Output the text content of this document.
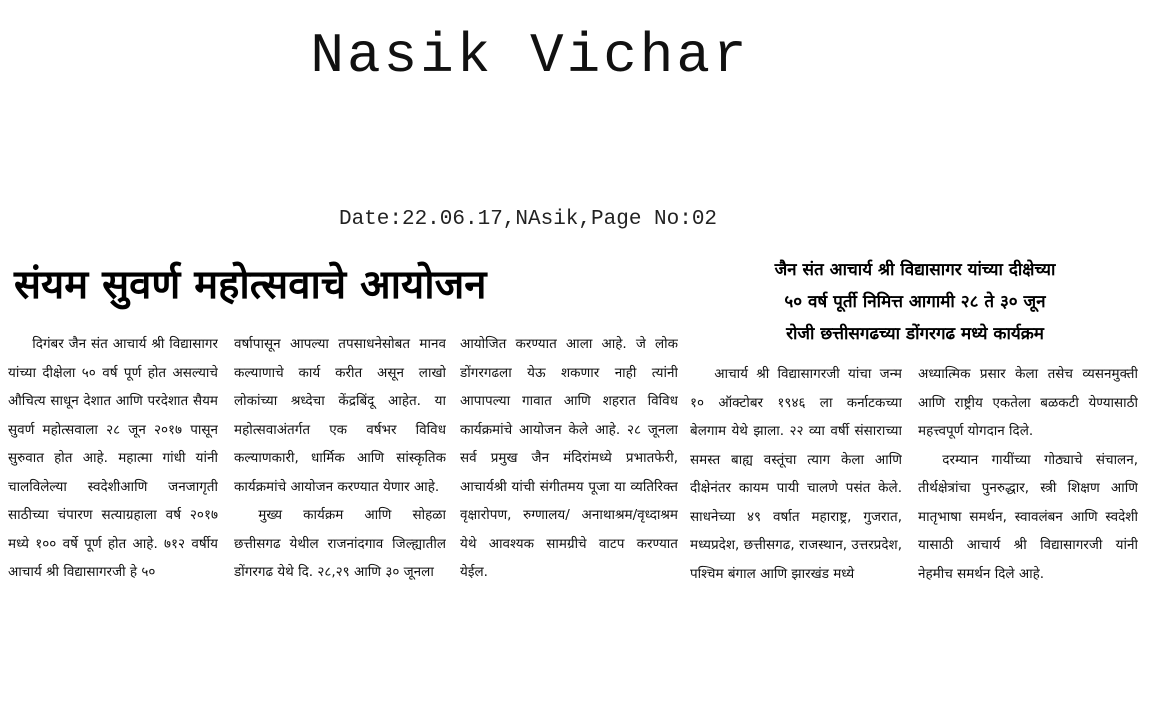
Nasik Vichar
Date:22.06.17,NAsik,Page No:02
संयम सुवर्ण महोत्सवाचे आयोजन	जैन संत आचार्य श्री विद्यासागर यांच्या दीक्षेच्या
५० वर्ष पूर्ती निमित्त आगामी २८ ते ३० जून
रोजी छत्तीसगढच्या डोंगरगढ मध्ये कार्यक्रम

दिगंबर जैन संत आचार्य श्री विद्यासागर यांच्या दीक्षेला ५० वर्ष पूर्ण होत असल्याचे औचित्य साधून देशात आणि परदेशात सैयम सुवर्ण महोत्सवाला २८ जून २०१७ पासून सुरुवात होत आहे. महात्मा गांधी यांनी चालविलेल्या स्वदेशीआणि जनजागृती साठीच्या चंपारण सत्याग्रहाला वर्ष २०१७ मध्ये १०० वर्षे पूर्ण होत आहे. ७१२ वर्षीय आचार्य श्री विद्यासागरजी हे ५०

वर्षापासून आपल्या तपसाधनेसोबत मानव कल्याणाचे कार्य करीत असून लाखो लोकांच्या श्रध्देचा केंद्रबिंदू आहेत. या महोत्सवाअंतर्गत एक वर्षभर विविध कल्याणकारी, धार्मिक आणि सांस्कृतिक कार्यक्रमांचे आयोजन करण्यात येणार आहे.

मुख्य कार्यक्रम आणि सोहळा छत्तीसगढ येथील राजनांदगाव जिल्ह्यातील डोंगरगढ येथे दि. २८,२९ आणि ३० जूनला

आयोजित करण्यात आला आहे. जे लोक डोंगरगढला येऊ शकणार नाही त्यांनी आपापल्या गावात आणि शहरात विविध कार्यक्रमांचे आयोजन केले आहे. २८ जूनला सर्व प्रमुख जैन मंदिरांमध्ये प्रभातफेरी, आचार्यश्री यांची संगीतमय पूजा या व्यतिरिक्त वृक्षारोपण, रुग्णालय/ अनाथाश्रम/वृध्दाश्रम येथे आवश्यक सामग्रीचे वाटप करण्यात येईल.

आचार्य श्री विद्यासागरजी यांचा जन्म १० ऑक्टोबर १९४६ ला कर्नाटकच्या बेलगाम येथे झाला. २२ व्या वर्षी संसाराच्या समस्त बाह्य वस्तूंचा त्याग केला आणि दीक्षेनंतर कायम पायी चालणे पसंत केले. साधनेच्या ४९ वर्षात महाराष्ट्र, गुजरात, मध्यप्रदेश, छत्तीसगढ, राजस्थान, उत्तरप्रदेश, पश्चिम बंगाल आणि झारखंड मध्ये

अध्यात्मिक प्रसार केला तसेच व्यसनमुक्ती आणि राष्ट्रीय एकतेला बळकटी येण्यासाठी महत्त्वपूर्ण योगदान दिले.

दरम्यान गायींच्या गोठ्याचे संचालन, तीर्थक्षेत्रांचा पुनरुद्धार, स्त्री शिक्षण आणि मातृभाषा समर्थन, स्वावलंबन आणि स्वदेशी यासाठी आचार्य श्री विद्यासागरजी यांनी नेहमीच समर्थन दिले आहे.
